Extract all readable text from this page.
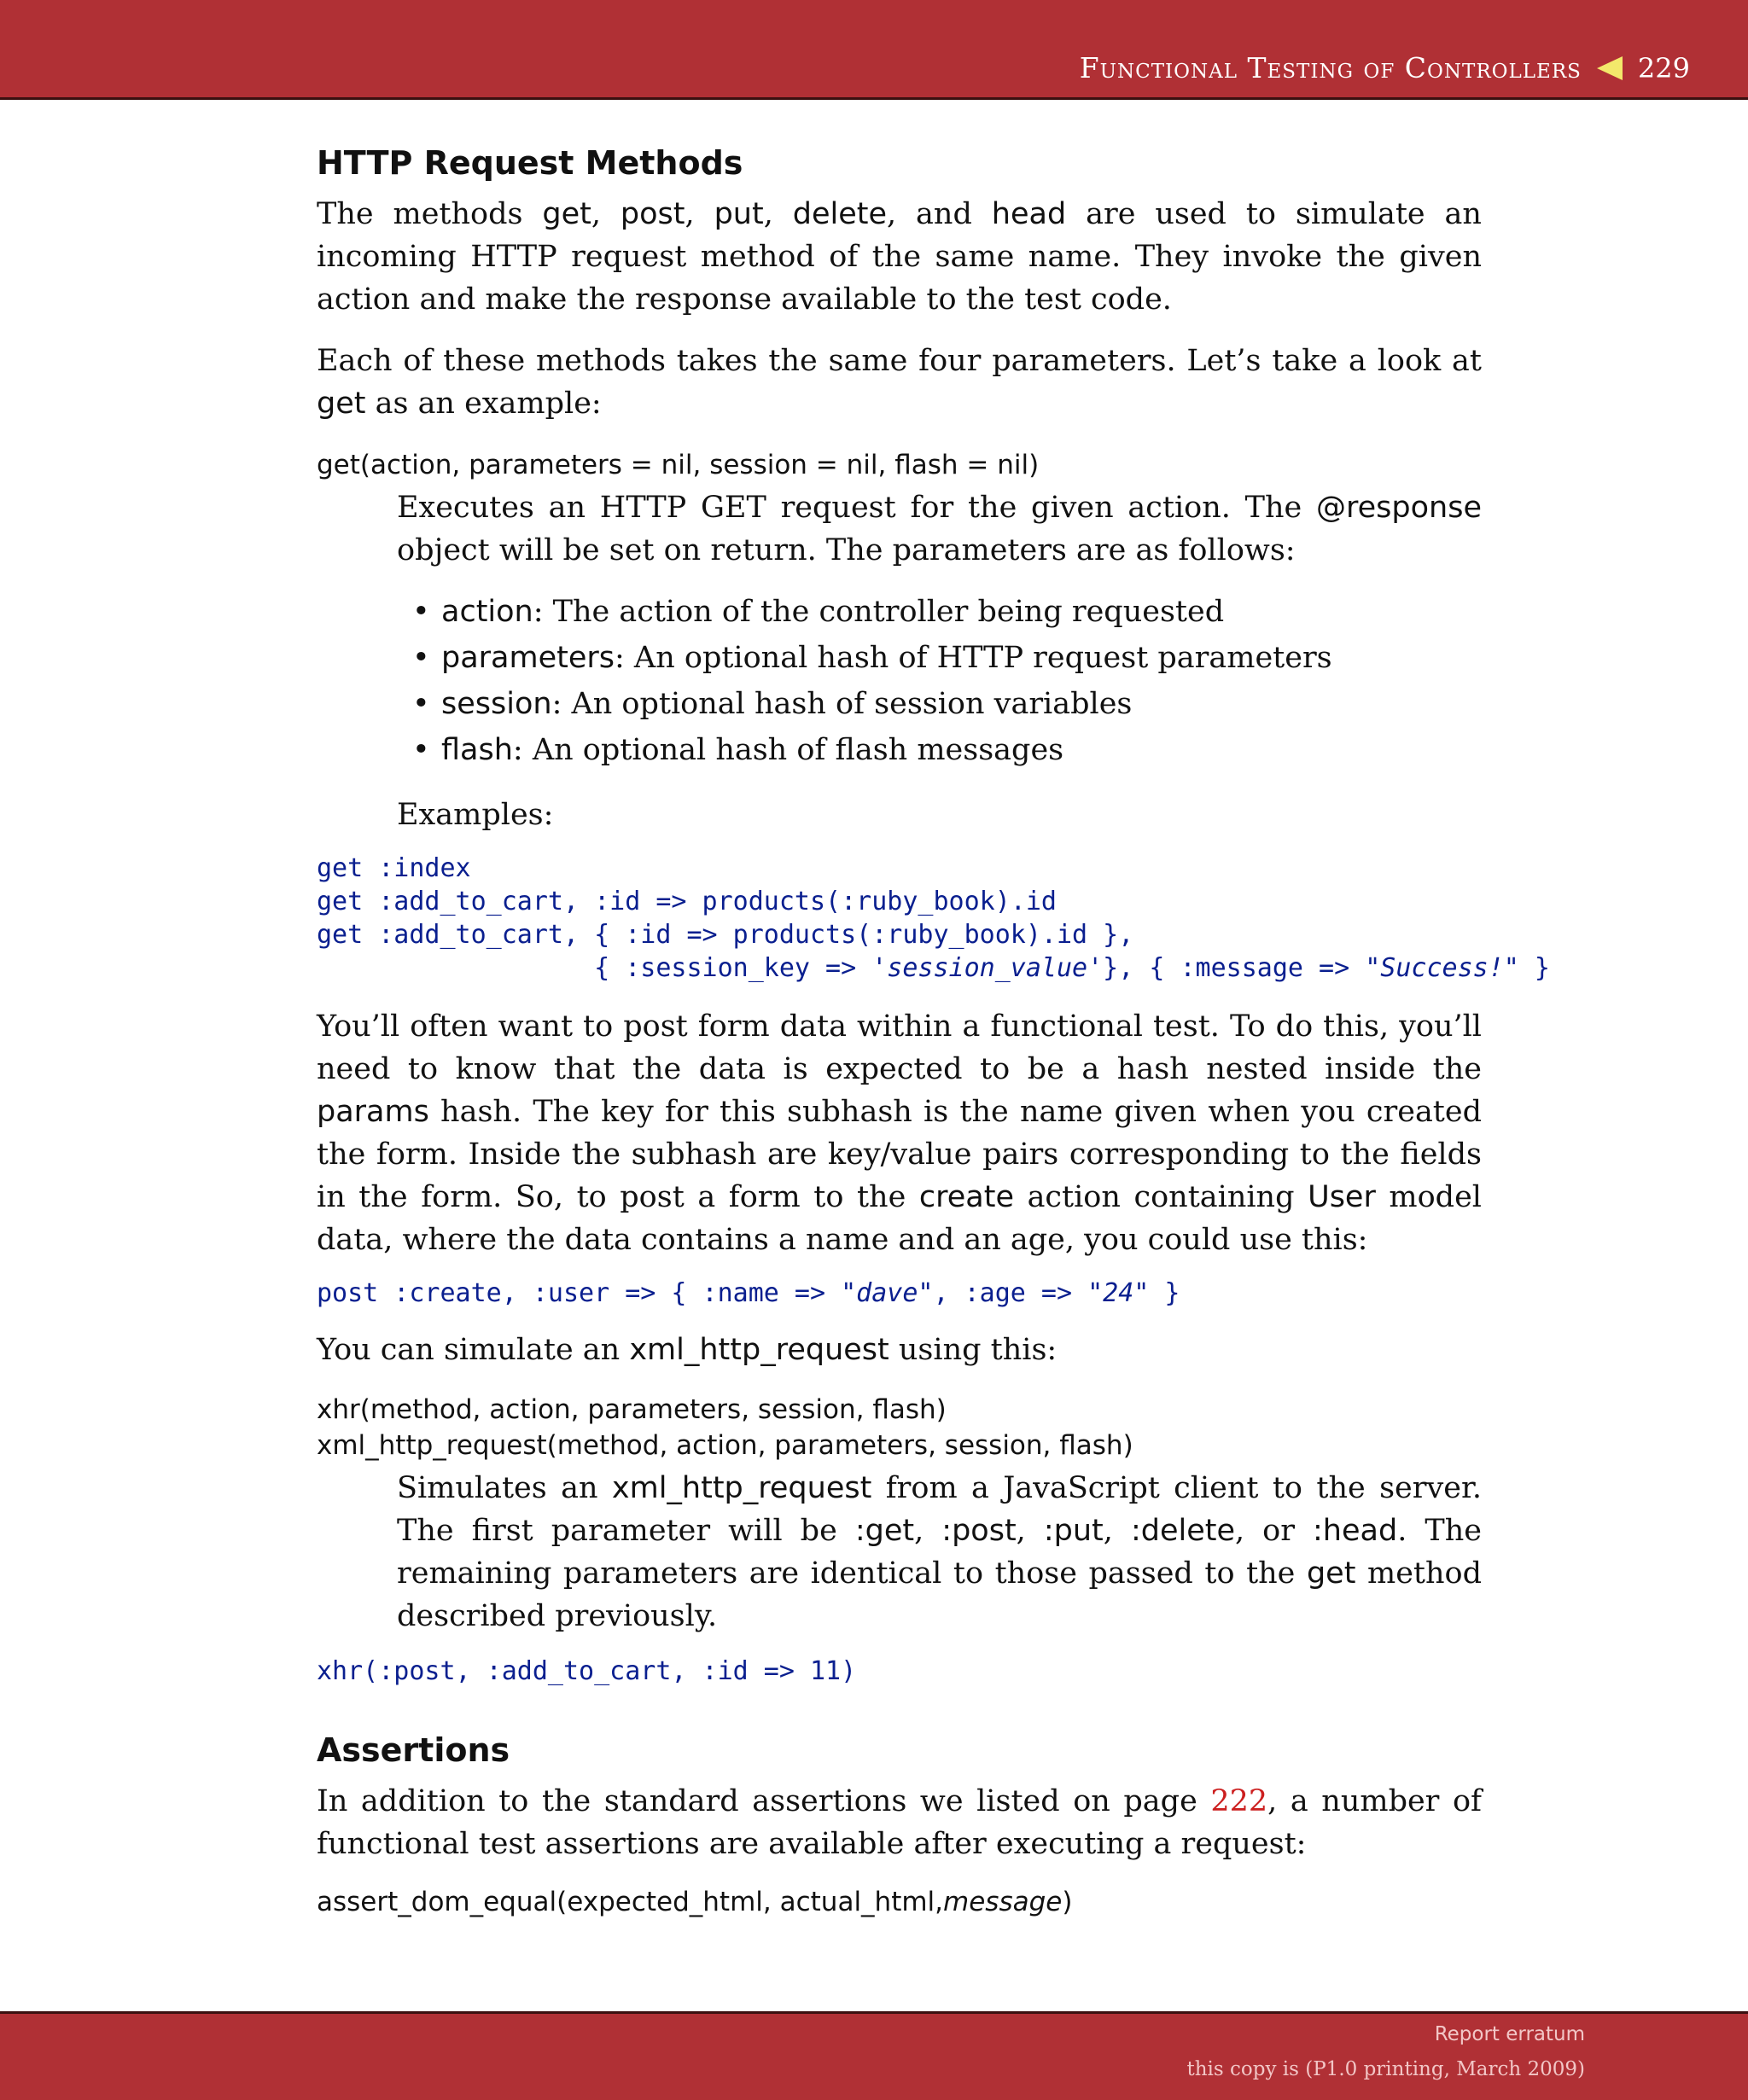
Functional Testing of Controllers 229
HTTP Request Methods

The methods get, post, put, delete, and head are used to simulate an incoming HTTP request method of the same name. They invoke the given action and make the response available to the test code.

Each of these methods takes the same four parameters. Let’s take a look at get as an example:

get(action, parameters = nil, session = nil, flash = nil)

Executes an HTTP GET request for the given action. The @response object will be set on return. The parameters are as follows:

• action: The action of the controller being requested
• parameters: An optional hash of HTTP request parameters
• session: An optional hash of session variables
• flash: An optional hash of flash messages

Examples:

get :index
get :add_to_cart, :id => products(:ruby_book).id
get :add_to_cart, { :id => products(:ruby_book).id },
{ :session_key => 'session_value'}, { :message => "Success!" }

You’ll often want to post form data within a functional test. To do this, you’ll need to know that the data is expected to be a hash nested inside the params hash. The key for this subhash is the name given when you created the form. Inside the subhash are key/value pairs corresponding to the fields in the form. So, to post a form to the create action containing User model data, where the data contains a name and an age, you could use this:

post :create, :user => { :name => "dave", :age => "24" }

You can simulate an xml_http_request using this:

xhr(method, action, parameters, session, flash)
xml_http_request(method, action, parameters, session, flash)

Simulates an xml_http_request from a JavaScript client to the server. The first parameter will be :get, :post, :put, :delete, or :head. The remaining parameters are identical to those passed to the get method described previously.

xhr(:post, :add_to_cart, :id => 11)
Assertions

In addition to the standard assertions we listed on page 222, a number of functional test assertions are available after executing a request:

assert_dom_equal(expected_html, actual_html,message)
Report erratum
this copy is (P1.0 printing, March 2009)
